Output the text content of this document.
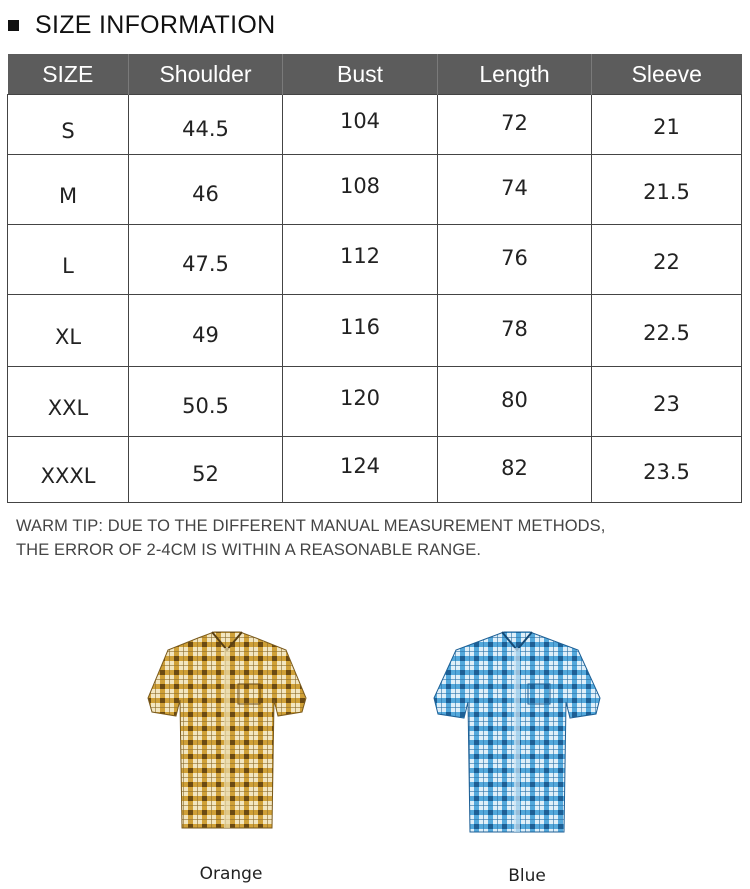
SIZE INFORMATION
SIZE	Shoulder	Bust	Length	Sleeve
S	44.5	104	72	21
M	46	108	74	21.5
L	47.5	112	76	22
XL	49	116	78	22.5
XXL	50.5	120	80	23
XXXL	52	124	82	23.5
WARM TIP: DUE TO THE DIFFERENT MANUAL MEASUREMENT METHODS,
THE ERROR OF 2-4CM IS WITHIN A REASONABLE RANGE.
Orange	Blue
